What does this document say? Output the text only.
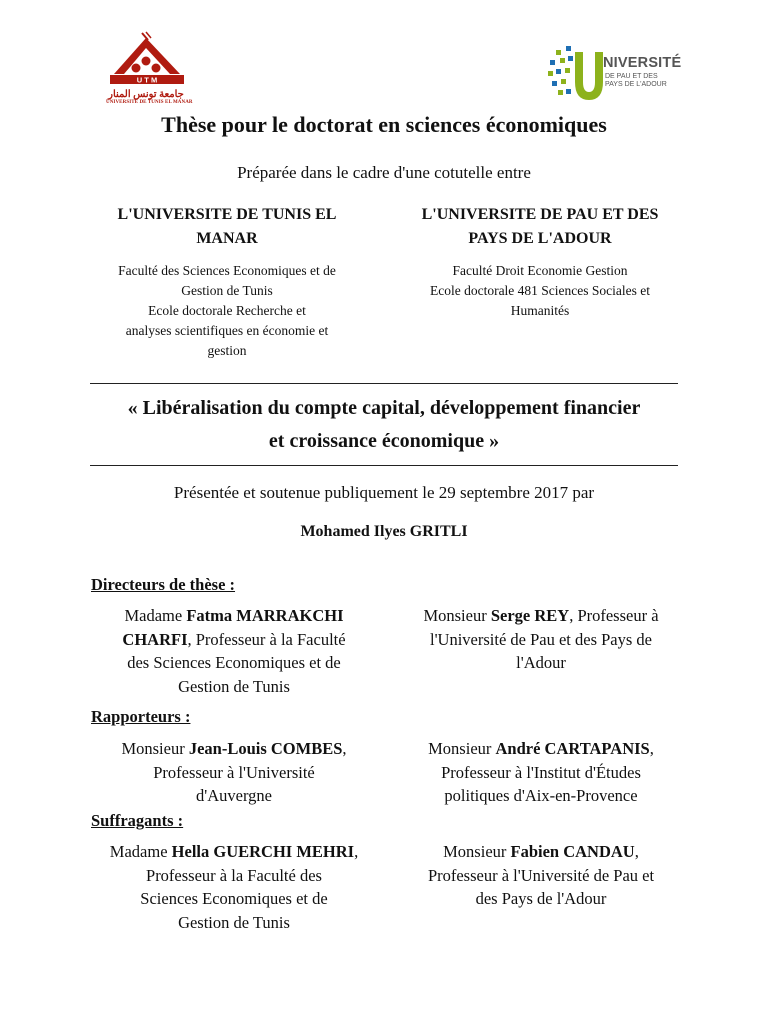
U T M
جامعة تونس المنار
UNIVERSITÉ DE TUNIS EL MANAR
NIVERSITÉ
DE PAU ET DES
PAYS DE L'ADOUR
Thèse pour le doctorat en sciences économiques
Préparée dans le cadre d'une cotutelle entre
L'UNIVERSITE DE TUNIS EL
MANAR
Faculté des Sciences Economiques et de
Gestion de Tunis
Ecole doctorale Recherche et
analyses scientifiques en économie et
gestion
L'UNIVERSITE DE PAU ET DES
PAYS DE L'ADOUR
Faculté Droit Economie Gestion
Ecole doctorale 481 Sciences Sociales et
Humanités
« Libéralisation du compte capital, développement financier
et croissance économique »
Présentée et soutenue publiquement le 29 septembre 2017 par
Mohamed Ilyes GRITLI
Directeurs de thèse :
Madame Fatma MARRAKCHI
CHARFI, Professeur à la Faculté
des Sciences Economiques et de
Gestion de Tunis
Monsieur Serge REY, Professeur à
l'Université de Pau et des Pays de
l'Adour
Rapporteurs :
Monsieur Jean-Louis COMBES,
Professeur à l'Université
d'Auvergne
Monsieur André CARTAPANIS,
Professeur à l'Institut d'Études
politiques d'Aix-en-Provence
Suffragants :
Madame Hella GUERCHI MEHRI,
Professeur à la Faculté des
Sciences Economiques et de
Gestion de Tunis
Monsieur Fabien CANDAU,
Professeur à l'Université de Pau et
des Pays de l'Adour
